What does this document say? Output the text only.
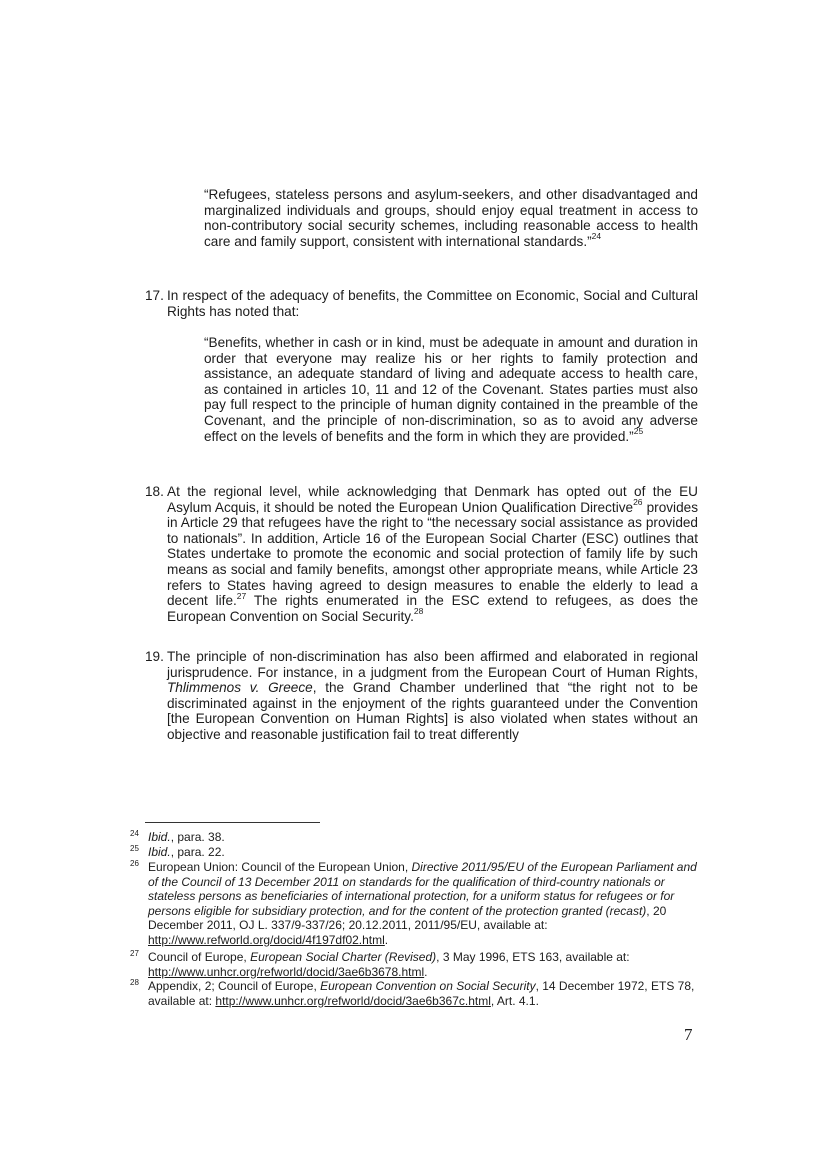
“Refugees, stateless persons and asylum-seekers, and other disadvantaged and marginalized individuals and groups, should enjoy equal treatment in access to non-contributory social security schemes, including reasonable access to health care and family support, consistent with international standards.”$^{24}$
17. In respect of the adequacy of benefits, the Committee on Economic, Social and Cultural Rights has noted that:
“Benefits, whether in cash or in kind, must be adequate in amount and duration in order that everyone may realize his or her rights to family protection and assistance, an adequate standard of living and adequate access to health care, as contained in articles 10, 11 and 12 of the Covenant. States parties must also pay full respect to the principle of human dignity contained in the preamble of the Covenant, and the principle of non-discrimination, so as to avoid any adverse effect on the levels of benefits and the form in which they are provided.”$^{25}$
18. At the regional level, while acknowledging that Denmark has opted out of the EU Asylum Acquis, it should be noted the European Union Qualification Directive$^{26}$ provides in Article 29 that refugees have the right to “the necessary social assistance as provided to nationals”. In addition, Article 16 of the European Social Charter (ESC) outlines that States undertake to promote the economic and social protection of family life by such means as social and family benefits, amongst other appropriate means, while Article 23 refers to States having agreed to design measures to enable the elderly to lead a decent life.$^{27}$ The rights enumerated in the ESC extend to refugees, as does the European Convention on Social Security.$^{28}$
19. The principle of non-discrimination has also been affirmed and elaborated in regional jurisprudence. For instance, in a judgment from the European Court of Human Rights, Thlimmenos v. Greece, the Grand Chamber underlined that “the right not to be discriminated against in the enjoyment of the rights guaranteed under the Convention [the European Convention on Human Rights] is also violated when states without an objective and reasonable justification fail to treat differently
24 Ibid., para. 38.
25 Ibid., para. 22.
26 European Union: Council of the European Union, Directive 2011/95/EU of the European Parliament and of the Council of 13 December 2011 on standards for the qualification of third-country nationals or stateless persons as beneficiaries of international protection, for a uniform status for refugees or for persons eligible for subsidiary protection, and for the content of the protection granted (recast), 20 December 2011, OJ L. 337/9-337/26; 20.12.2011, 2011/95/EU, available at: http://www.refworld.org/docid/4f197df02.html.
27 Council of Europe, European Social Charter (Revised), 3 May 1996, ETS 163, available at: http://www.unhcr.org/refworld/docid/3ae6b3678.html.
28 Appendix, 2; Council of Europe, European Convention on Social Security, 14 December 1972, ETS 78, available at: http://www.unhcr.org/refworld/docid/3ae6b367c.html, Art. 4.1.
7
